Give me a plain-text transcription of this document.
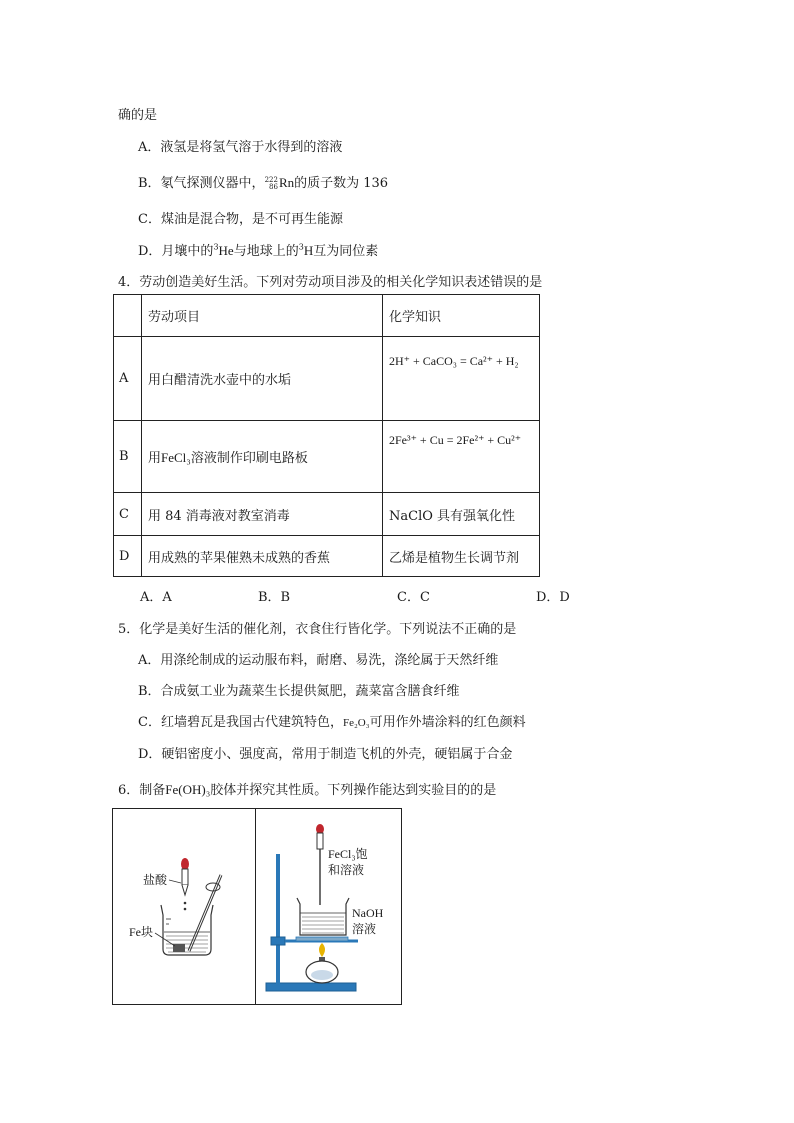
确的是
A．液氢是将氢气溶于水得到的溶液
B．氡气探测仪器中，222
86Rn的质子数为 136
C．煤油是混合物，是不可再生能源
D．月壤中的$^3$He与地球上的$^3$H互为同位素
4．劳动创造美好生活。下列对劳动项目涉及的相关化学知识表述错误的是
	劳动项目	化学知识
A	用白醋清洗水壶中的水垢	2H⁺ + CaCO₃ = Ca²⁺ + H₂
B	用FeCl₃溶液制作印刷电路板	2Fe³⁺ + Cu = 2Fe²⁺ + Cu²⁺
C	用 84 消毒液对教室消毒	NaClO 具有强氧化性
D	用成熟的苹果催熟未成熟的香蕉	乙烯是植物生长调节剂
A．A	B．B	C．C	D．D
5．化学是美好生活的催化剂，衣食住行皆化学。下列说法不正确的是
A．用涤纶制成的运动服布料，耐磨、易洗，涤纶属于天然纤维
B．合成氨工业为蔬菜生长提供氮肥，蔬菜富含膳食纤维
C．红墙碧瓦是我国古代建筑特色，Fe₂O₃可用作外墙涂料的红色颜料
D．硬铝密度小、强度高，常用于制造飞机的外壳，硬铝属于合金
6．制备Fe(OH)₃胶体并探究其性质。下列操作能达到实验目的的是
盐酸
Fe块
FeCl₃饱
和溶液
NaOH
溶液
